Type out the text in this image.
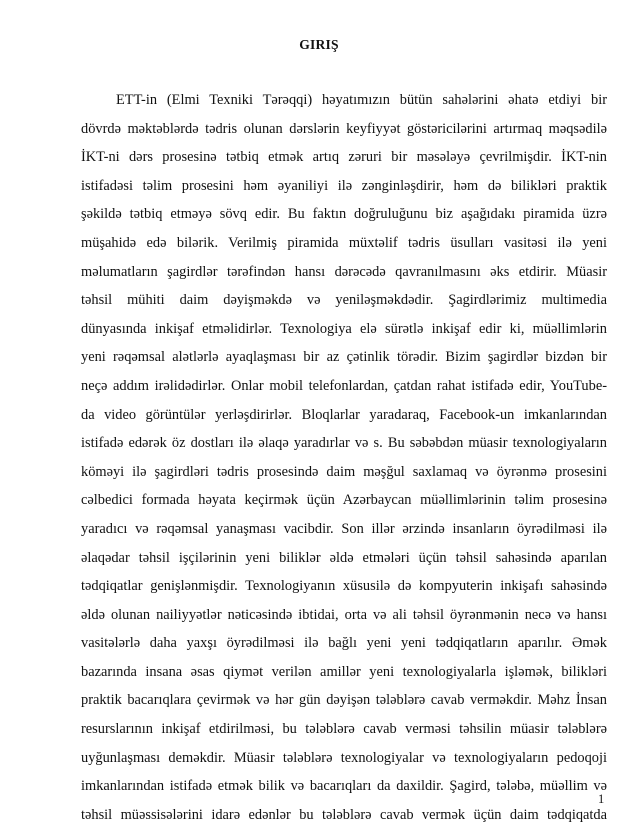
GIRIŞ
ETT-in (Elmi Texniki Tərəqqi) həyatımızın bütün sahələrini əhatə etdiyi bir
dövrdə məktəblərdə tədris olunan dərslərin keyfiyyət göstəricilərini artırmaq məqsədilə
İKT-ni dərs prosesinə tətbiq etmək artıq zəruri bir məsələyə çevrilmişdir. İKT-nin
istifadəsi təlim prosesini həm əyaniliyi ilə zənginləşdirir, həm də bilikləri praktik
şəkildə tətbiq etməyə sövq edir. Bu faktın doğruluğunu biz aşağıdakı piramida üzrə
müşahidə edə bilərik. Verilmiş piramida müxtəlif tədris üsulları vasitəsi ilə yeni
məlumatların şagirdlər tərəfindən hansı dərəcədə qavranılmasını əks etdirir. Müasir
təhsil mühiti daim dəyişməkdə və yeniləşməkdədir. Şagirdlərimiz multimedia
dünyasında inkişaf etməlidirlər. Texnologiya elə sürətlə inkişaf edir ki, müəllimlərin
yeni rəqəmsal alətlərlə ayaqlaşması bir az çətinlik törədir. Bizim şagirdlər bizdən bir
neçə addım irəlidədirlər. Onlar mobil telefonlardan, çatdan rahat istifadə edir, YouTube-
da video görüntülər yerləşdirirlər. Bloqlarlar yaradaraq, Facebook-un imkanlarından
istifadə edərək öz dostları ilə əlaqə yaradırlar və s. Bu səbəbdən müasir texnologiyaların
köməyi ilə şagirdləri tədris prosesində daim məşğul saxlamaq və öyrənmə prosesini
cəlbedici formada həyata keçirmək üçün Azərbaycan müəllimlərinin təlim prosesinə
yaradıcı və rəqəmsal yanaşması vacibdir. Son illər ərzində insanların öyrədilməsi ilə
əlaqədar təhsil işçilərinin yeni biliklər əldə etmələri üçün təhsil sahəsində aparılan
tədqiqatlar genişlənmişdir. Texnologiyanın xüsusilə də kompyuterin inkişafı sahəsində
əldə olunan nailiyyətlər nəticəsində ibtidai, orta və ali təhsil öyrənmənin necə və hansı
vasitələrlə daha yaxşı öyrədilməsi ilə bağlı yeni yeni tədqiqatların aparılır. Əmək
bazarında insana əsas qiymət verilən amillər yeni texnologiyalarla işləmək, bilikləri
praktik bacarıqlara çevirmək və hər gün dəyişən tələblərə cavab verməkdir. Məhz İnsan
resurslarının inkişaf etdirilməsi, bu tələblərə cavab verməsi təhsilin müasir tələblərə
uyğunlaşması deməkdir. Müasir tələblərə texnologiyalar və texnologiyaların pedoqoji
imkanlarından istifadə etmək bilik və bacarıqları da daxildir. Şagird, tələbə, müəllim və
təhsil müəssisələrini idarə edənlər bu tələblərə cavab vermək üçün daim tədqiqatda
1
